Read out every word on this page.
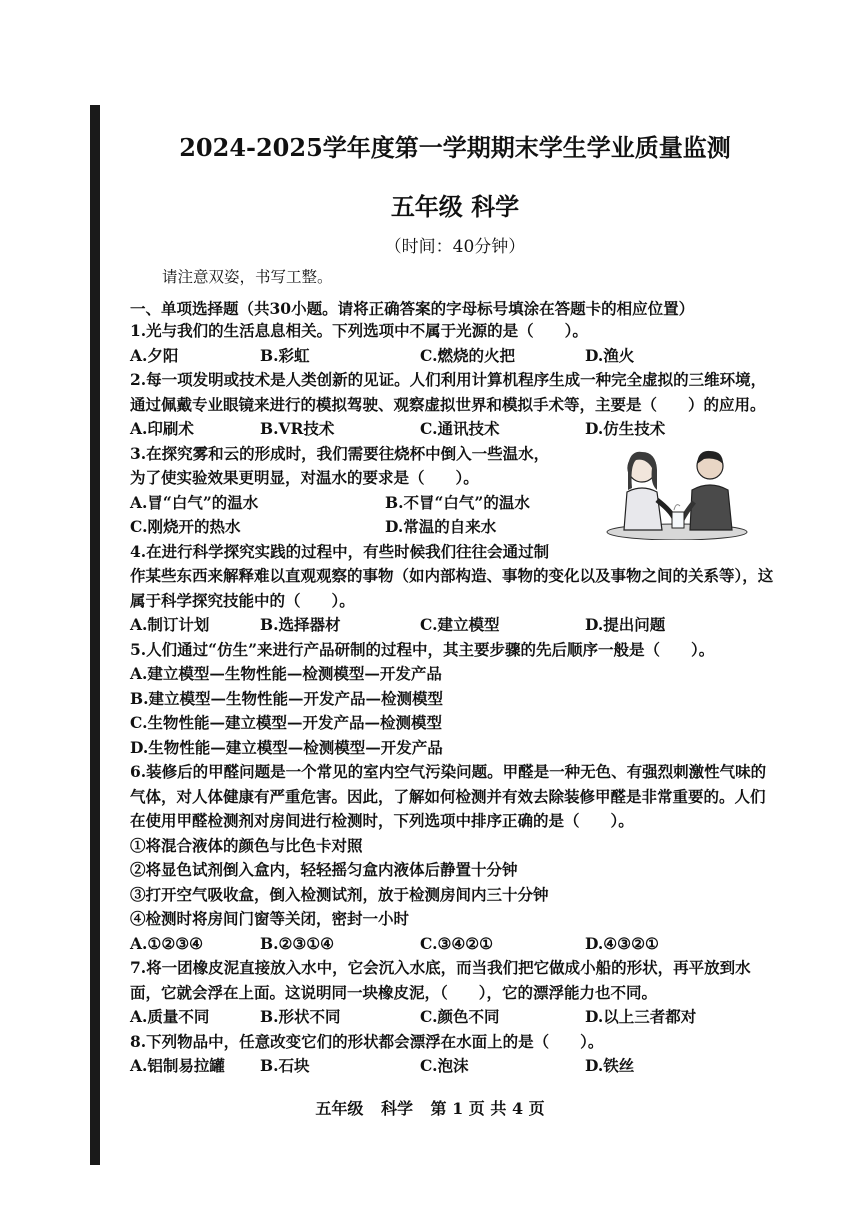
2024-2025学年度第一学期期末学生学业质量监测
五年级 科学
（时间：40分钟）
请注意双姿，书写工整。
一、单项选择题（共30小题。请将正确答案的字母标号填涂在答题卡的相应位置）

1.光与我们的生活息息相关。下列选项中不属于光源的是（　　）。

A.夕阳	B.彩虹	C.燃烧的火把	D.渔火

2.每一项发明或技术是人类创新的见证。人们利用计算机程序生成一种完全虚拟的三维环境，通过佩戴专业眼镜来进行的模拟驾驶、观察虚拟世界和模拟手术等，主要是（　　）的应用。

A.印刷术	B.VR技术	C.通讯技术	D.仿生技术

3.在探究雾和云的形成时，我们需要往烧杯中倒入一些温水，

为了使实验效果更明显，对温水的要求是（　　）。

A.冒“白气”的温水	B.不冒“白气”的温水
C.刚烧开的热水	D.常温的自来水

4.在进行科学探究实践的过程中，有些时候我们往往会通过制

作某些东西来解释难以直观观察的事物（如内部构造、事物的变化以及事物之间的关系等），这属于科学探究技能中的（　　）。

A.制订计划	B.选择器材	C.建立模型	D.提出问题

5.人们通过“仿生”来进行产品研制的过程中，其主要步骤的先后顺序一般是（　　）。

A.建立模型—生物性能—检测模型—开发产品
B.建立模型—生物性能—开发产品—检测模型
C.生物性能—建立模型—开发产品—检测模型
D.生物性能—建立模型—检测模型—开发产品

6.装修后的甲醛问题是一个常见的室内空气污染问题。甲醛是一种无色、有强烈刺激性气味的气体，对人体健康有严重危害。因此，了解如何检测并有效去除装修甲醛是非常重要的。人们在使用甲醛检测剂对房间进行检测时，下列选项中排序正确的是（　　）。

①将混合液体的颜色与比色卡对照
②将显色试剂倒入盒内，轻轻摇匀盒内液体后静置十分钟
③打开空气吸收盒，倒入检测试剂，放于检测房间内三十分钟
④检测时将房间门窗等关闭，密封一小时
A.①②③④	B.②③①④	C.③④②①	D.④③②①

7.将一团橡皮泥直接放入水中，它会沉入水底，而当我们把它做成小船的形状，再平放到水面，它就会浮在上面。这说明同一块橡皮泥，（　　），它的漂浮能力也不同。

A.质量不同	B.形状不同	C.颜色不同	D.以上三者都对

8.下列物品中，任意改变它们的形状都会漂浮在水面上的是（　　）。

A.铝制易拉罐	B.石块	C.泡沫	D.铁丝
五年级 科学 第 1 页 共 4 页
